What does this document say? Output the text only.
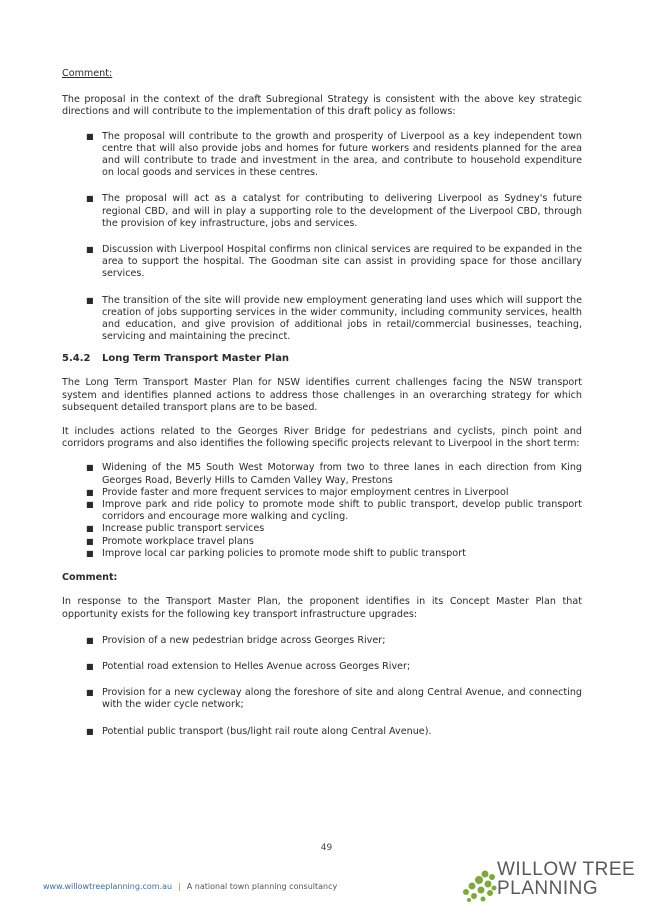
Comment:

The proposal in the context of the draft Subregional Strategy is consistent with the above key strategic directions and will contribute to the implementation of this draft policy as follows:

■ The proposal will contribute to the growth and prosperity of Liverpool as a key independent town centre that will also provide jobs and homes for future workers and residents planned for the area and will contribute to trade and investment in the area, and contribute to household expenditure on local goods and services in these centres.
■ The proposal will act as a catalyst for contributing to delivering Liverpool as Sydney's future regional CBD, and will in play a supporting role to the development of the Liverpool CBD, through the provision of key infrastructure, jobs and services.
■ Discussion with Liverpool Hospital confirms non clinical services are required to be expanded in the area to support the hospital. The Goodman site can assist in providing space for those ancillary services.
■ The transition of the site will provide new employment generating land uses which will support the creation of jobs supporting services in the wider community, including community services, health and education, and give provision of additional jobs in retail/commercial businesses, teaching, servicing and maintaining the precinct.
5.4.2 Long Term Transport Master Plan

The Long Term Transport Master Plan for NSW identifies current challenges facing the NSW transport system and identifies planned actions to address those challenges in an overarching strategy for which subsequent detailed transport plans are to be based.

It includes actions related to the Georges River Bridge for pedestrians and cyclists, pinch point and corridors programs and also identifies the following specific projects relevant to Liverpool in the short term:

■ Widening of the M5 South West Motorway from two to three lanes in each direction from King Georges Road, Beverly Hills to Camden Valley Way, Prestons
■ Provide faster and more frequent services to major employment centres in Liverpool
■ Improve park and ride policy to promote mode shift to public transport, develop public transport corridors and encourage more walking and cycling.
■ Increase public transport services
■ Promote workplace travel plans
■ Improve local car parking policies to promote mode shift to public transport

Comment:

In response to the Transport Master Plan, the proponent identifies in its Concept Master Plan that opportunity exists for the following key transport infrastructure upgrades:

■ Provision of a new pedestrian bridge across Georges River;
■ Potential road extension to Helles Avenue across Georges River;
■ Provision for a new cycleway along the foreshore of site and along Central Avenue, and connecting with the wider cycle network;
■ Potential public transport (bus/light rail route along Central Avenue).
49
www.willowtreeplanning.com.au | A national town planning consultancy
WILLOW TREE
PLANNING
